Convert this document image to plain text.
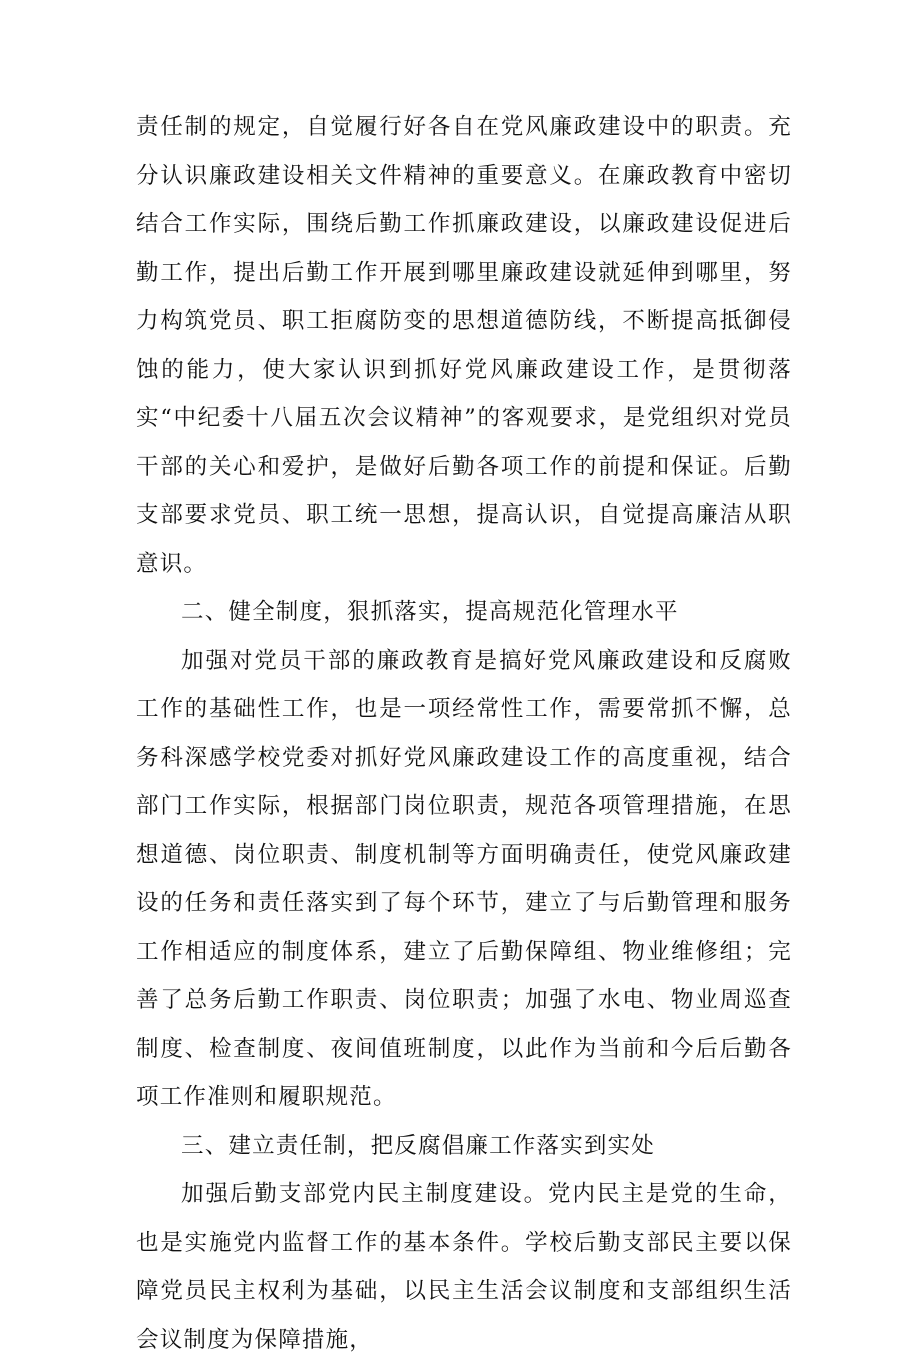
责任制的规定，自觉履行好各自在党风廉政建设中的职责。充分认识廉政建设相关文件精神的重要意义。在廉政教育中密切结合工作实际，围绕后勤工作抓廉政建设，以廉政建设促进后勤工作，提出后勤工作开展到哪里廉政建设就延伸到哪里，努力构筑党员、职工拒腐防变的思想道德防线，不断提高抵御侵蚀的能力，使大家认识到抓好党风廉政建设工作，是贯彻落实“中纪委十八届五次会议精神”的客观要求，是党组织对党员干部的关心和爱护，是做好后勤各项工作的前提和保证。后勤支部要求党员、职工统一思想，提高认识，自觉提高廉洁从职意识。

二、健全制度，狠抓落实，提高规范化管理水平

加强对党员干部的廉政教育是搞好党风廉政建设和反腐败工作的基础性工作，也是一项经常性工作，需要常抓不懈，总务科深感学校党委对抓好党风廉政建设工作的高度重视，结合部门工作实际，根据部门岗位职责，规范各项管理措施，在思想道德、岗位职责、制度机制等方面明确责任，使党风廉政建设的任务和责任落实到了每个环节，建立了与后勤管理和服务工作相适应的制度体系，建立了后勤保障组、物业维修组；完善了总务后勤工作职责、岗位职责；加强了水电、物业周巡查制度、检查制度、夜间值班制度，以此作为当前和今后后勤各项工作准则和履职规范。

三、建立责任制，把反腐倡廉工作落实到实处

加强后勤支部党内民主制度建设。党内民主是党的生命，也是实施党内监督工作的基本条件。学校后勤支部民主要以保障党员民主权利为基础，以民主生活会议制度和支部组织生活会议制度为保障措施，
